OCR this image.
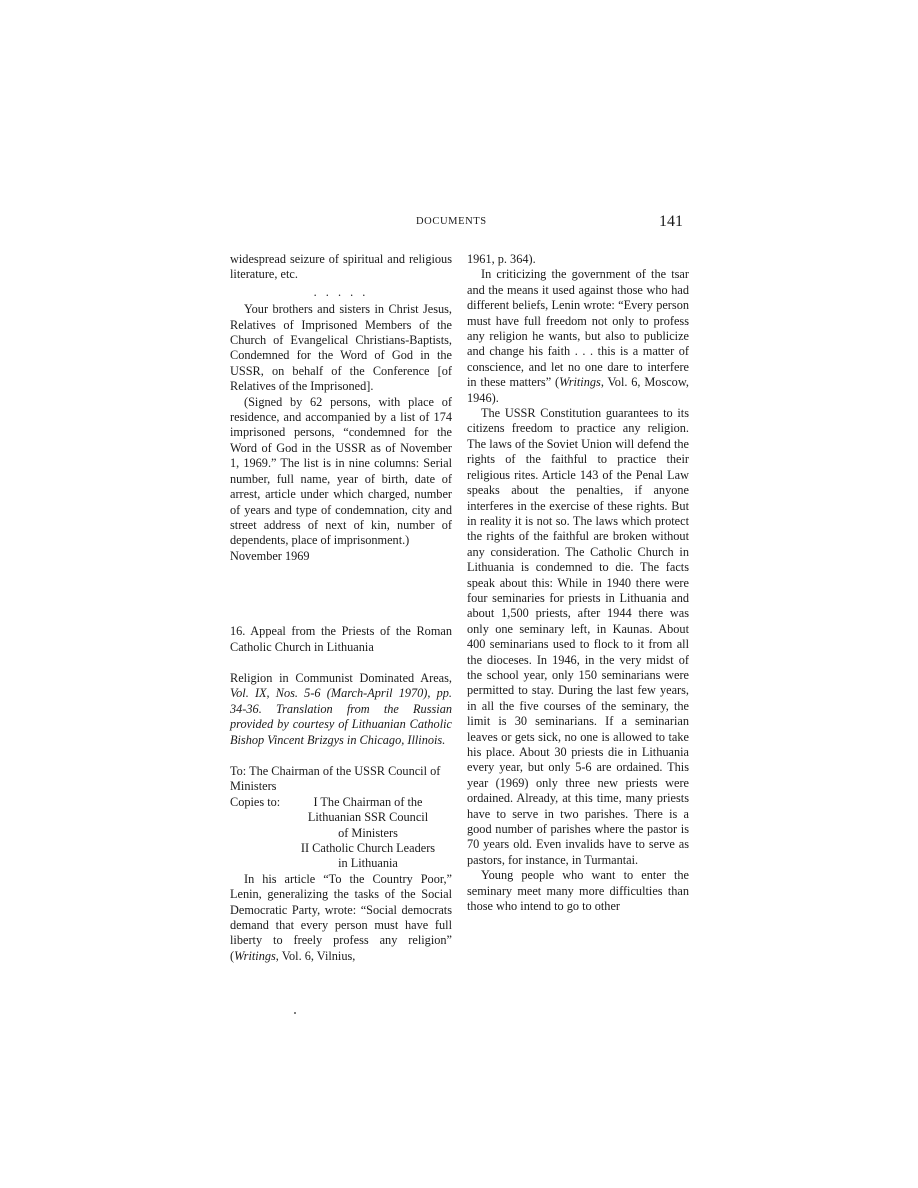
DOCUMENTS	141

widespread seizure of spiritual and religious literature, etc.

. . . . .

Your brothers and sisters in Christ Jesus, Relatives of Imprisoned Members of the Church of Evangelical Christians-Baptists, Condemned for the Word of God in the USSR, on behalf of the Conference [of Relatives of the Imprisoned].

(Signed by 62 persons, with place of residence, and accompanied by a list of 174 imprisoned persons, “condemned for the Word of God in the USSR as of November 1, 1969.” The list is in nine columns: Serial number, full name, year of birth, date of arrest, article under which charged, number of years and type of condemnation, city and street address of next of kin, number of dependents, place of imprisonment.)

November 1969

16. Appeal from the Priests of the Roman Catholic Church in Lithuania

Religion in Communist Dominated Areas, Vol. IX, Nos. 5-6 (March-April 1970), pp. 34-36. Translation from the Russian provided by courtesy of Lithuanian Catholic Bishop Vincent Brizgys in Chicago, Illinois.

To: The Chairman of the USSR Council of Ministers

Copies to:	I The Chairman of the
Lithuanian SSR Council
of Ministers
II Catholic Church Leaders
in Lithuania

In his article “To the Country Poor,” Lenin, generalizing the tasks of the Social Democratic Party, wrote: “Social democrats demand that every person must have full liberty to freely profess any religion” (Writings, Vol. 6, Vilnius,

1961, p. 364).

In criticizing the government of the tsar and the means it used against those who had different beliefs, Lenin wrote: “Every person must have full freedom not only to profess any religion he wants, but also to publicize and change his faith . . . this is a matter of conscience, and let no one dare to interfere in these matters” (Writings, Vol. 6, Moscow, 1946).

The USSR Constitution guarantees to its citizens freedom to practice any religion. The laws of the Soviet Union will defend the rights of the faithful to practice their religious rites. Article 143 of the Penal Law speaks about the penalties, if anyone interferes in the exercise of these rights. But in reality it is not so. The laws which protect the rights of the faithful are broken without any consideration. The Catholic Church in Lithuania is condemned to die. The facts speak about this: While in 1940 there were four seminaries for priests in Lithuania and about 1,500 priests, after 1944 there was only one seminary left, in Kaunas. About 400 seminarians used to flock to it from all the dioceses. In 1946, in the very midst of the school year, only 150 seminarians were permitted to stay. During the last few years, in all the five courses of the seminary, the limit is 30 seminarians. If a seminarian leaves or gets sick, no one is allowed to take his place. About 30 priests die in Lithuania every year, but only 5-6 are ordained. This year (1969) only three new priests were ordained. Already, at this time, many priests have to serve in two parishes. There is a good number of parishes where the pastor is 70 years old. Even invalids have to serve as pastors, for instance, in Turmantai.

Young people who want to enter the seminary meet many more difficulties than those who intend to go to other
